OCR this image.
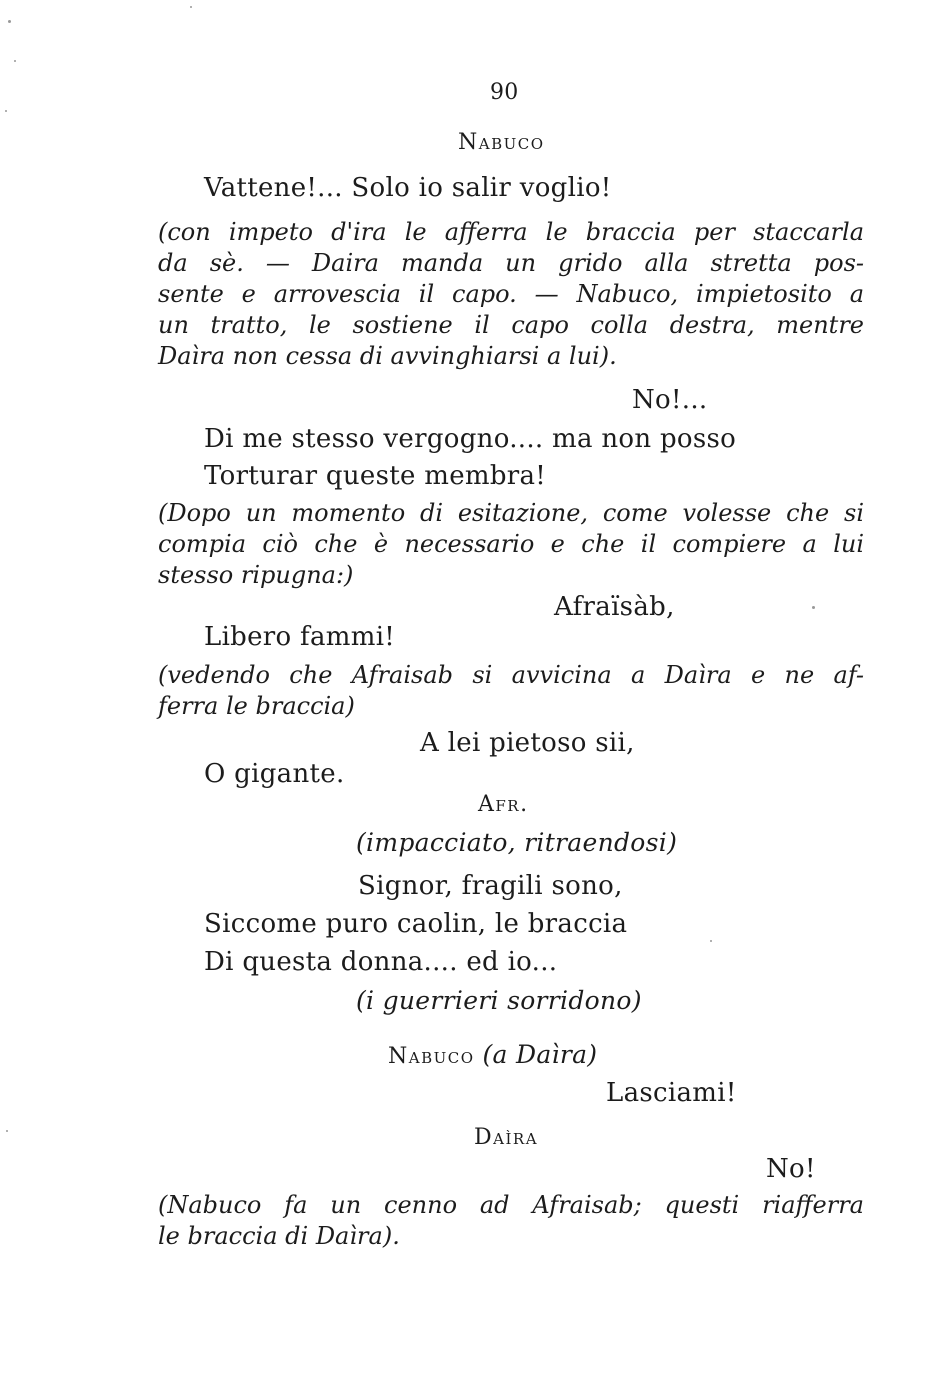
90
Nabuco
Vattene!... Solo io salir voglio!
(con impeto d'ira le afferra le braccia per staccarla
da sè. — Daira manda un grido alla stretta pos-
sente e arrovescia il capo. — Nabuco, impietosito a
un tratto, le sostiene il capo colla destra, mentre
Daìra non cessa di avvinghiarsi a lui).
No!...
Di me stesso vergogno.... ma non posso
Torturar queste membra!
(Dopo un momento di esitazione, come volesse che si
compia ciò che è necessario e che il compiere a lui
stesso ripugna:)
Afraïsàb,
Libero fammi!
(vedendo che Afraisab si avvicina a Daìra e ne af-
ferra le braccia)
A lei pietoso sii,
O gigante.
Afr.
(impacciato, ritraendosi)
Signor, fragili sono,
Siccome puro caolin, le braccia
Di questa donna.... ed io...
(i guerrieri sorridono)
Nabuco (a Daìra)
Lasciami!
Daìra
No!
(Nabuco fa un cenno ad Afraisab; questi riafferra
le braccia di Daìra).
